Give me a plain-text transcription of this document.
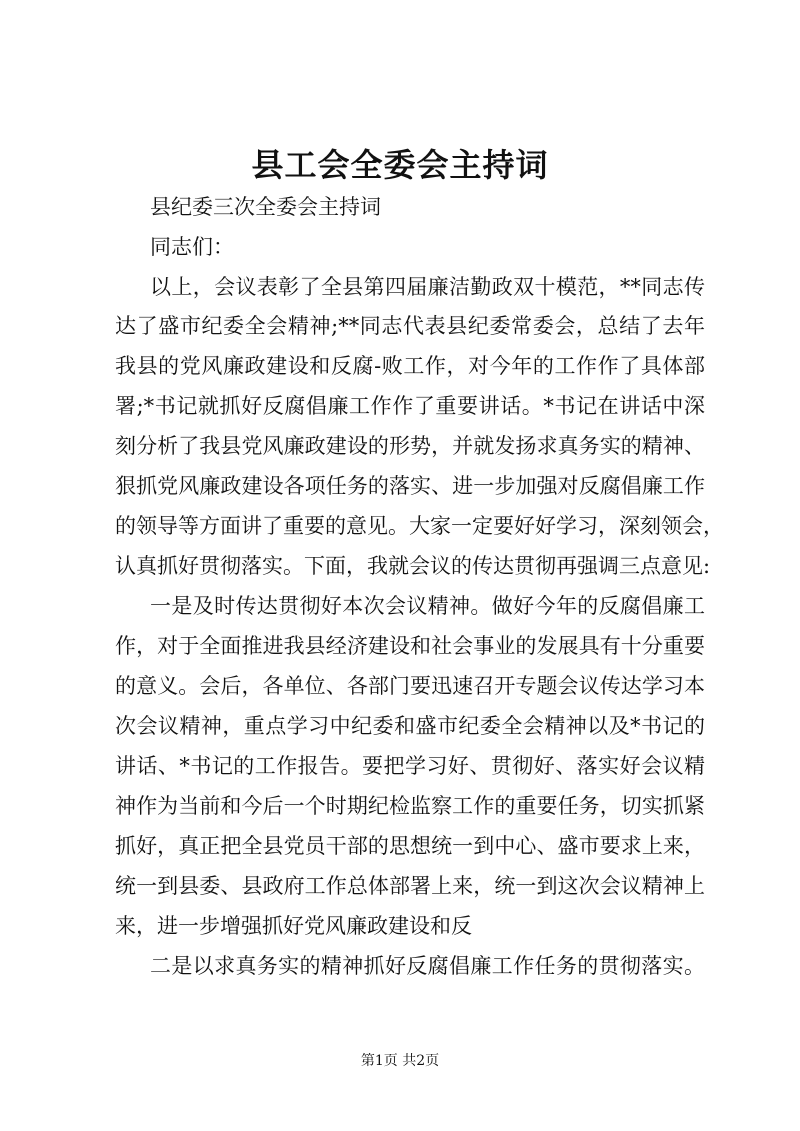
县工会全委会主持词
县纪委三次全委会主持词
同志们：
以上，会议表彰了全县第四届廉洁勤政双十模范，**同志传
达了盛市纪委全会精神;**同志代表县纪委常委会，总结了去年
我县的党风廉政建设和反腐-败工作，对今年的工作作了具体部
署;*书记就抓好反腐倡廉工作作了重要讲话。*书记在讲话中深
刻分析了我县党风廉政建设的形势，并就发扬求真务实的精神、
狠抓党风廉政建设各项任务的落实、进一步加强对反腐倡廉工作
的领导等方面讲了重要的意见。大家一定要好好学习，深刻领会，
认真抓好贯彻落实。下面，我就会议的传达贯彻再强调三点意见:
一是及时传达贯彻好本次会议精神。做好今年的反腐倡廉工
作，对于全面推进我县经济建设和社会事业的发展具有十分重要
的意义。会后，各单位、各部门要迅速召开专题会议传达学习本
次会议精神，重点学习中纪委和盛市纪委全会精神以及*书记的
讲话、*书记的工作报告。要把学习好、贯彻好、落实好会议精
神作为当前和今后一个时期纪检监察工作的重要任务，切实抓紧
抓好，真正把全县党员干部的思想统一到中心、盛市要求上来，
统一到县委、县政府工作总体部署上来，统一到这次会议精神上
来，进一步增强抓好党风廉政建设和反
二是以求真务实的精神抓好反腐倡廉工作任务的贯彻落实。
第1页 共2页
